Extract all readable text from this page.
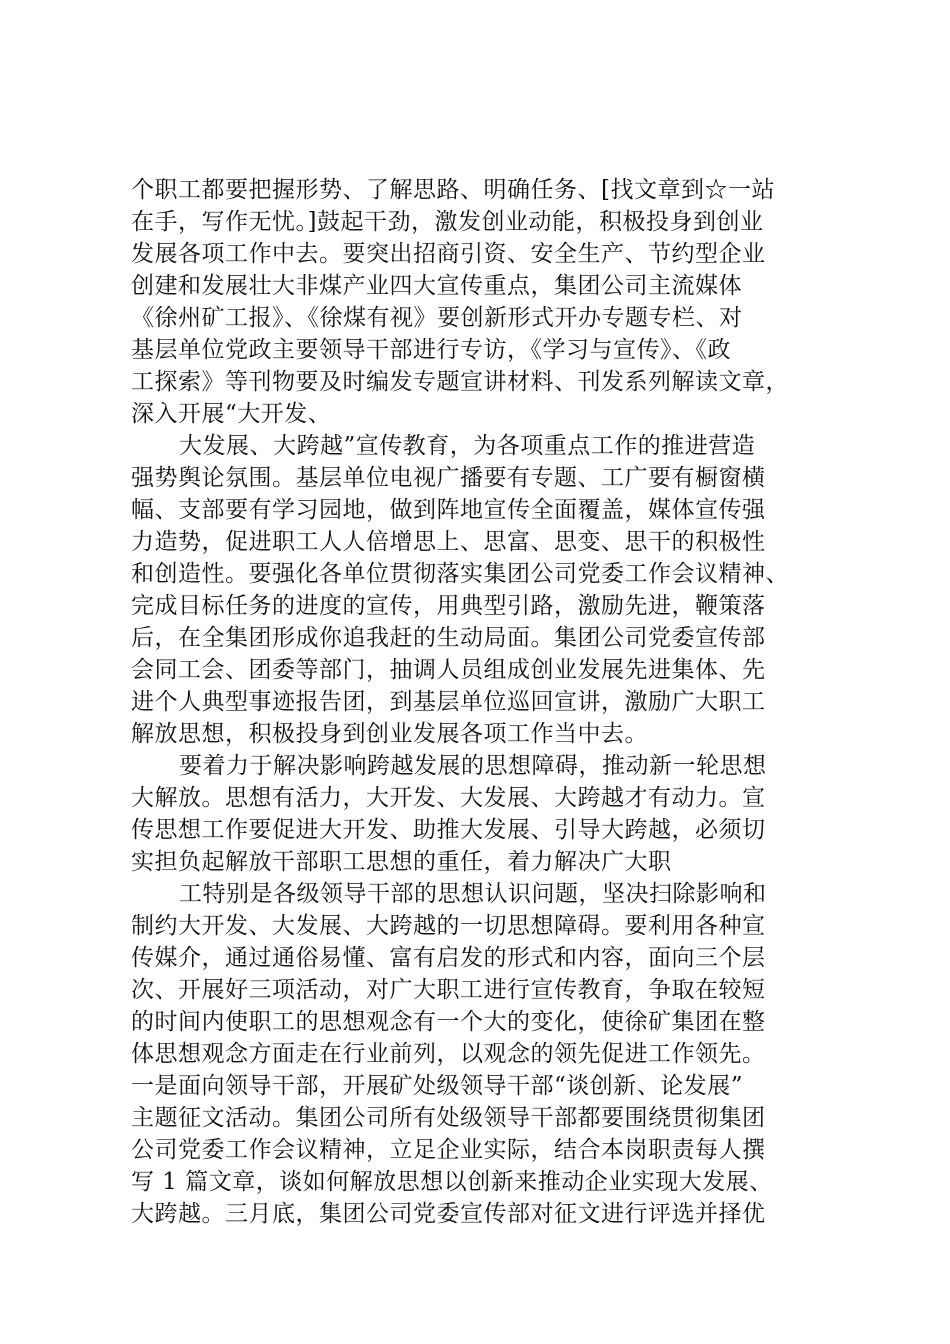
个职工都要把握形势、了解思路、明确任务、[找文章到☆一站
在手，写作无忧。]鼓起干劲，激发创业动能，积极投身到创业
发展各项工作中去。要突出招商引资、安全生产、节约型企业
创建和发展壮大非煤产业四大宣传重点，集团公司主流媒体
《徐州矿工报》、《徐煤有视》要创新形式开办专题专栏、对
基层单位党政主要领导干部进行专访，《学习与宣传》、《政
工探索》等刊物要及时编发专题宣讲材料、刊发系列解读文章，
深入开展“大开发、
大发展、大跨越”宣传教育，为各项重点工作的推进营造
强势舆论氛围。基层单位电视广播要有专题、工广要有橱窗横
幅、支部要有学习园地，做到阵地宣传全面覆盖，媒体宣传强
力造势，促进职工人人倍增思上、思富、思变、思干的积极性
和创造性。要强化各单位贯彻落实集团公司党委工作会议精神、
完成目标任务的进度的宣传，用典型引路，激励先进，鞭策落
后，在全集团形成你追我赶的生动局面。集团公司党委宣传部
会同工会、团委等部门，抽调人员组成创业发展先进集体、先
进个人典型事迹报告团，到基层单位巡回宣讲，激励广大职工
解放思想，积极投身到创业发展各项工作当中去。
要着力于解决影响跨越发展的思想障碍，推动新一轮思想
大解放。思想有活力，大开发、大发展、大跨越才有动力。宣
传思想工作要促进大开发、助推大发展、引导大跨越，必须切
实担负起解放干部职工思想的重任，着力解决广大职
工特别是各级领导干部的思想认识问题，坚决扫除影响和
制约大开发、大发展、大跨越的一切思想障碍。要利用各种宣
传媒介，通过通俗易懂、富有启发的形式和内容，面向三个层
次、开展好三项活动，对广大职工进行宣传教育，争取在较短
的时间内使职工的思想观念有一个大的变化，使徐矿集团在整
体思想观念方面走在行业前列，以观念的领先促进工作领先。
一是面向领导干部，开展矿处级领导干部“谈创新、论发展”
主题征文活动。集团公司所有处级领导干部都要围绕贯彻集团
公司党委工作会议精神，立足企业实际，结合本岗职责每人撰
写 1 篇文章，谈如何解放思想以创新来推动企业实现大发展、
大跨越。三月底，集团公司党委宣传部对征文进行评选并择优
